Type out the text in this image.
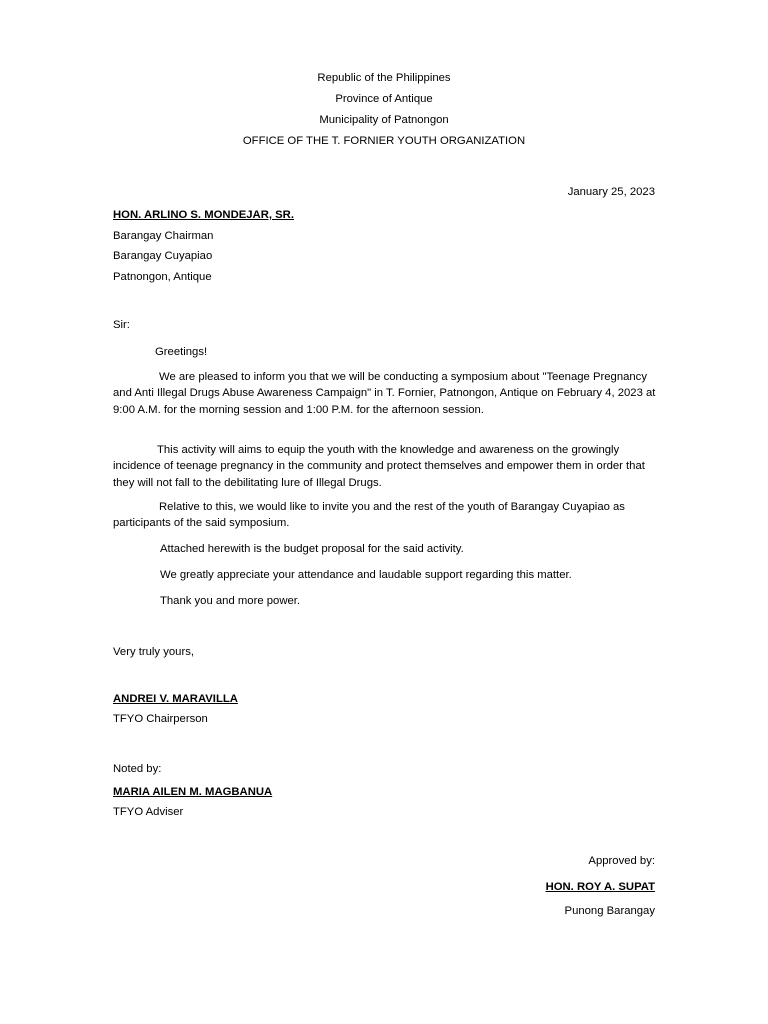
Republic of the Philippines
Province of Antique
Municipality of Patnongon
OFFICE OF THE T. FORNIER YOUTH ORGANIZATION
January 25, 2023
HON. ARLINO S. MONDEJAR, SR.
Barangay Chairman
Barangay Cuyapiao
Patnongon, Antique
Sir:
Greetings!
We are pleased to inform you that we will be conducting a symposium about "Teenage Pregnancy and Anti Illegal Drugs Abuse Awareness Campaign" in T. Fornier, Patnongon, Antique on February 4, 2023 at 9:00 A.M. for the morning session and 1:00 P.M. for the afternoon session.
This activity will aims to equip the youth with the knowledge and awareness on the growingly incidence of teenage pregnancy in the community and protect themselves and empower them in order that they will not fall to the debilitating lure of Illegal Drugs.
Relative to this, we would like to invite you and the rest of the youth of Barangay Cuyapiao as participants of the said symposium.
Attached herewith is the budget proposal for the said activity.
We greatly appreciate your attendance and laudable support regarding this matter.
Thank you and more power.
Very truly yours,
ANDREI V. MARAVILLA
TFYO Chairperson
Noted by:
MARIA AILEN M. MAGBANUA
TFYO Adviser
Approved by:
HON. ROY A. SUPAT
Punong Barangay
